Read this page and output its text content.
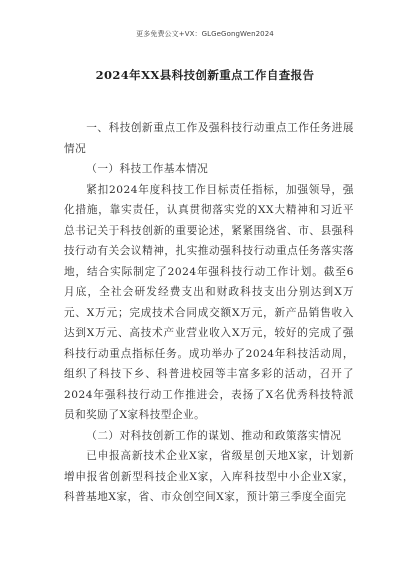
更多免费公文+VX：GLGeGongWen2024
2024年XX县科技创新重点工作自查报告

一、科技创新重点工作及强科技行动重点工作任务进展情况

（一）科技工作基本情况

紧扣2024年度科技工作目标责任指标，加强领导，强化措施，靠实责任，认真贯彻落实党的XX大精神和习近平总书记关于科技创新的重要论述，紧紧围绕省、市、县强科技行动有关会议精神，扎实推动强科技行动重点任务落实落地，结合实际制定了2024年强科技行动工作计划。截至6月底，全社会研发经费支出和财政科技支出分别达到X万元、X万元；完成技术合同成交额X万元，新产品销售收入达到X万元、高技术产业营业收入X万元，较好的完成了强科技行动重点指标任务。成功举办了2024年科技活动周，组织了科技下乡、科普进校园等丰富多彩的活动，召开了2024年强科技行动工作推进会，表扬了X名优秀科技特派员和奖励了X家科技型企业。

（二）对科技创新工作的谋划、推动和政策落实情况

已申报高新技术企业X家，省级星创天地X家，计划新增申报省创新型科技企业X家，入库科技型中小企业X家，科普基地X家，省、市众创空间X家，预计第三季度全面完
